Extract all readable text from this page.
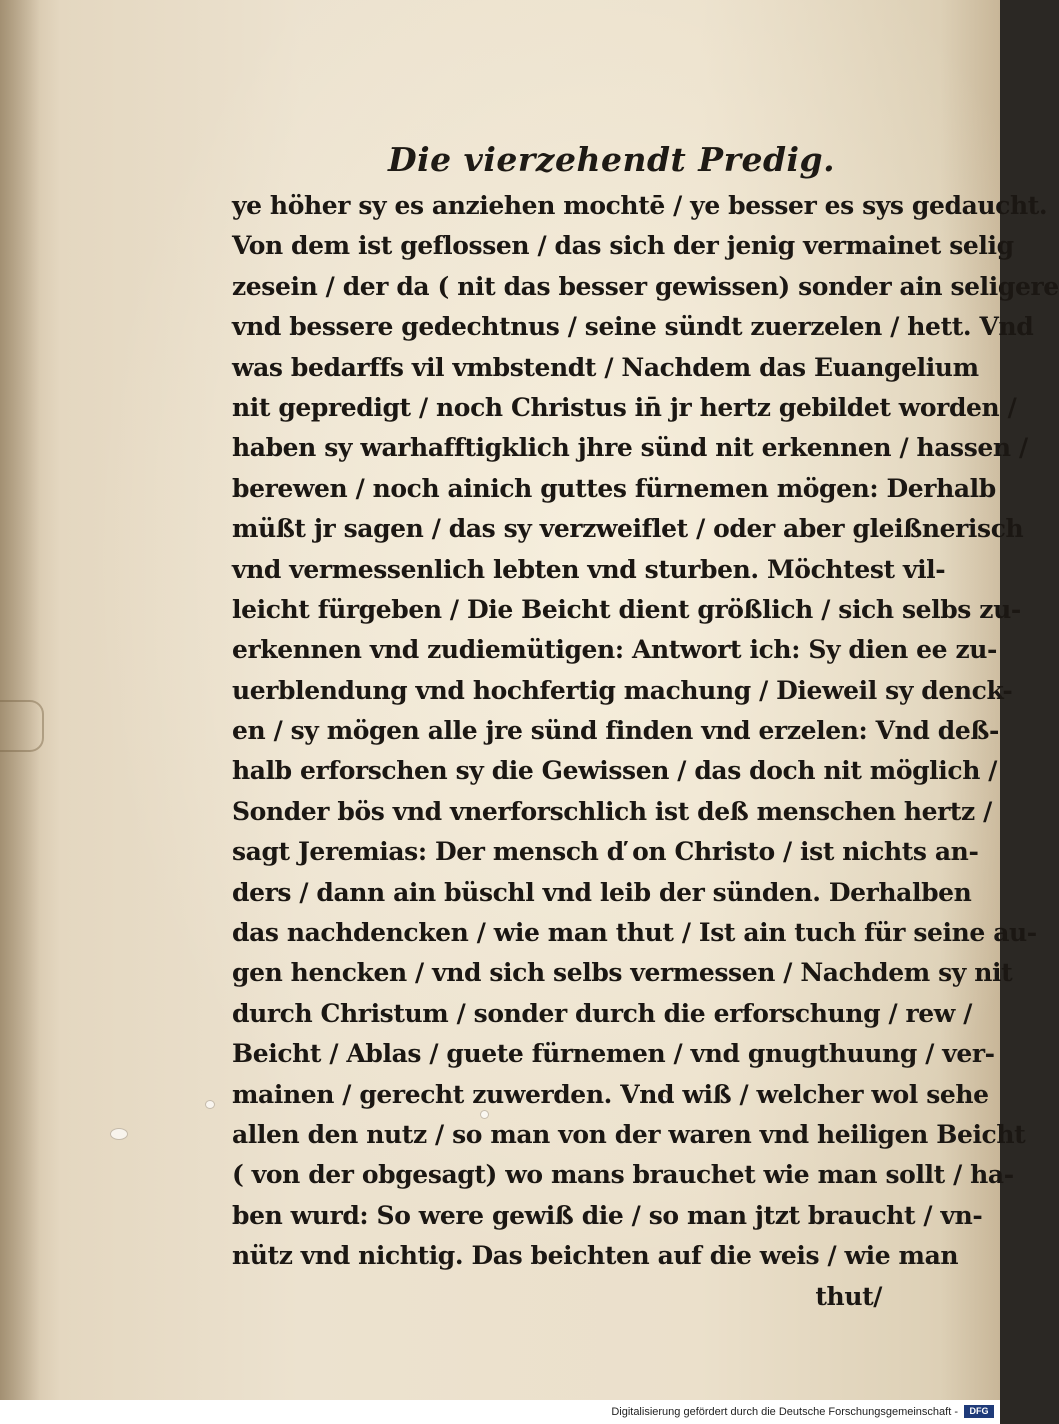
Die vierzehendt Predig.
ye höher sy es anziehen mochtē / ye besser es sys gedaucht.
Von dem ist geflossen / das sich der jenig vermainet selig
zesein / der da ( nit das besser gewissen) sonder ain seligere
vnd bessere gedechtnus / seine sündt zuerzelen / hett. Vnd
was bedarffs vil vmbstendt / Nachdem das Euangelium
nit gepredigt / noch Christus in̄ jr hertz gebildet worden /
haben sy warhafftigklich jhre sünd nit erkennen / hassen /
berewen / noch ainich guttes fürnemen mögen: Derhalb
müßt jr sagen / das sy verzweiflet / oder aber gleißnerisch
vnd vermessenlich lebten vnd sturben. Möchtest vil-
leicht fürgeben / Die Beicht dient größlich / sich selbs zu-
erkennen vnd zudiemütigen: Antwort ich: Sy dien ee zu-
uerblendung vnd hochfertig machung / Dieweil sy denck-
en / sy mögen alle jre sünd finden vnd erzelen: Vnd deß-
halb erforschen sy die Gewissen / das doch nit möglich /
Sonder bös vnd vnerforschlich ist deß menschen hertz /
sagt Jeremias: Der mensch ď on Christo / ist nichts an-
ders / dann ain büschl vnd leib der sünden. Derhalben
das nachdencken / wie man thut / Ist ain tuch für seine au-
gen hencken / vnd sich selbs vermessen / Nachdem sy nit
durch Christum / sonder durch die erforschung / rew /
Beicht / Ablas / guete fürnemen / vnd gnugthuung / ver-
mainen / gerecht zuwerden. Vnd wiß / welcher wol sehe
allen den nutz / so man von der waren vnd heiligen Beicht
( von der obgesagt) wo mans brauchet wie man sollt / ha-
ben wurd: So were gewiß die / so man jtzt braucht / vn-
nütz vnd nichtig. Das beichten auf die weis / wie man
thut/
Digitalisierung gefördert durch die Deutsche Forschungsgemeinschaft -	DFG
